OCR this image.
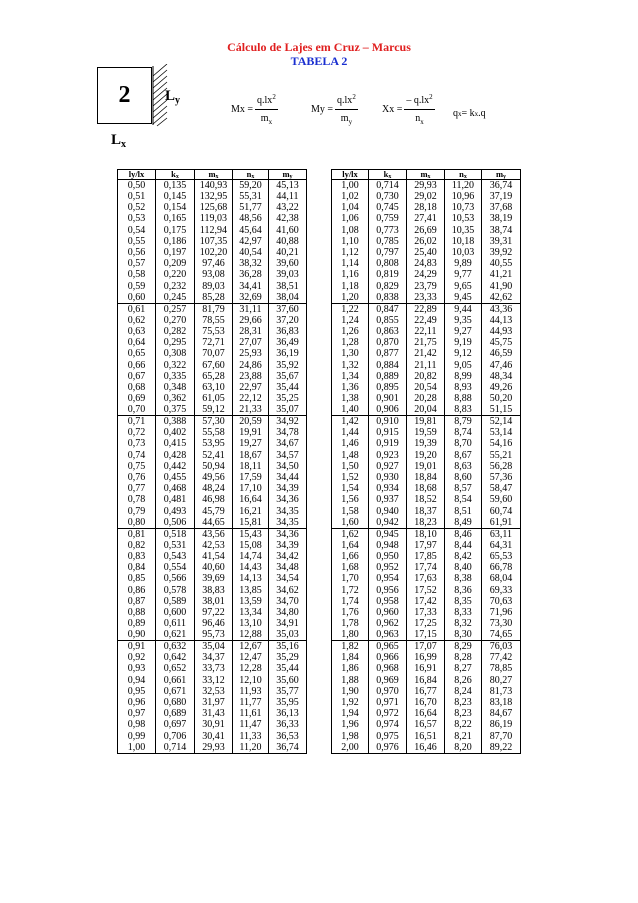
Cálculo de Lajes em Cruz – Marcus
TABELA 2
2 $L_y$
$L_x$
$Mx = \frac{q.lx^2}{m_x}$	$My = \frac{q.lx^2}{m_y}$ $Xx = \frac{- q.lx^2}{n_x}$ q x = k x .q
ly/lx	$k_x$	$m_x$	$n_x$	$m_y$
0,50	0,135	140,93	59,20	45,13
0,51	0,145	132,95	55,31	44,11
0,52	0,154	125,68	51,77	43,22
0,53	0,165	119,03	48,56	42,38
0,54	0,175	112,94	45,64	41,60
0,55	0,186	107,35	42,97	40,88
0,56	0,197	102,20	40,54	40,21
0,57	0,209	97,46	38,32	39,60
0,58	0,220	93,08	36,28	39,03
0,59	0,232	89,03	34,41	38,51
0,60	0,245	85,28	32,69	38,04
0,61	0,257	81,79	31,11	37,60
0,62	0,270	78,55	29,66	37,20
0,63	0,282	75,53	28,31	36,83
0,64	0,295	72,71	27,07	36,49
0,65	0,308	70,07	25,93	36,19
0,66	0,322	67,60	24,86	35,92
0,67	0,335	65,28	23,88	35,67
0,68	0,348	63,10	22,97	35,44
0,69	0,362	61,05	22,12	35,25
0,70	0,375	59,12	21,33	35,07
0,71	0,388	57,30	20,59	34,92
0,72	0,402	55,58	19,91	34,78
0,73	0,415	53,95	19,27	34,67
0,74	0,428	52,41	18,67	34,57
0,75	0,442	50,94	18,11	34,50
0,76	0,455	49,56	17,59	34,44
0,77	0,468	48,24	17,10	34,39
0,78	0,481	46,98	16,64	34,36
0,79	0,493	45,79	16,21	34,35
0,80	0,506	44,65	15,81	34,35
0,81	0,518	43,56	15,43	34,36
0,82	0,531	42,53	15,08	34,39
0,83	0,543	41,54	14,74	34,42
0,84	0,554	40,60	14,43	34,48
0,85	0,566	39,69	14,13	34,54
0,86	0,578	38,83	13,85	34,62
0,87	0,589	38,01	13,59	34,70
0,88	0,600	97,22	13,34	34,80
0,89	0,611	96,46	13,10	34,91
0,90	0,621	95,73	12,88	35,03
0,91	0,632	35,04	12,67	35,16
0,92	0,642	34,37	12,47	35,29
0,93	0,652	33,73	12,28	35,44
0,94	0,661	33,12	12,10	35,60
0,95	0,671	32,53	11,93	35,77
0,96	0,680	31,97	11,77	35,95
0,97	0,689	31,43	11,61	36,13
0,98	0,697	30,91	11,47	36,33
0,99	0,706	30,41	11,33	36,53
1,00	0,714	29,93	11,20	36,74
ly/lx	$k_x$	$m_x$	$n_x$	$m_y$
1,00	0,714	29,93	11,20	36,74
1,02	0,730	29,02	10,96	37,19
1,04	0,745	28,18	10,73	37,68
1,06	0,759	27,41	10,53	38,19
1,08	0,773	26,69	10,35	38,74
1,10	0,785	26,02	10,18	39,31
1,12	0,797	25,40	10,03	39,92
1,14	0,808	24,83	9,89	40,55
1,16	0,819	24,29	9,77	41,21
1,18	0,829	23,79	9,65	41,90
1,20	0,838	23,33	9,45	42,62
1,22	0,847	22,89	9,44	43,36
1,24	0,855	22,49	9,35	44,13
1,26	0,863	22,11	9,27	44,93
1,28	0,870	21,75	9,19	45,75
1,30	0,877	21,42	9,12	46,59
1,32	0,884	21,11	9,05	47,46
1,34	0,889	20,82	8,99	48,34
1,36	0,895	20,54	8,93	49,26
1,38	0,901	20,28	8,88	50,20
1,40	0,906	20,04	8,83	51,15
1,42	0,910	19,81	8,79	52,14
1,44	0,915	19,59	8,74	53,14
1,46	0,919	19,39	8,70	54,16
1,48	0,923	19,20	8,67	55,21
1,50	0,927	19,01	8,63	56,28
1,52	0,930	18,84	8,60	57,36
1,54	0,934	18,68	8,57	58,47
1,56	0,937	18,52	8,54	59,60
1,58	0,940	18,37	8,51	60,74
1,60	0,942	18,23	8,49	61,91
1,62	0,945	18,10	8,46	63,11
1,64	0,948	17,97	8,44	64,31
1,66	0,950	17,85	8,42	65,53
1,68	0,952	17,74	8,40	66,78
1,70	0,954	17,63	8,38	68,04
1,72	0,956	17,52	8,36	69,33
1,74	0,958	17,42	8,35	70,63
1,76	0,960	17,33	8,33	71,96
1,78	0,962	17,25	8,32	73,30
1,80	0,963	17,15	8,30	74,65
1,82	0,965	17,07	8,29	76,03
1,84	0,966	16,99	8,28	77,42
1,86	0,968	16,91	8,27	78,85
1,88	0,969	16,84	8,26	80,27
1,90	0,970	16,77	8,24	81,73
1,92	0,971	16,70	8,23	83,18
1,94	0,972	16,64	8,23	84,67
1,96	0,974	16,57	8,22	86,19
1,98	0,975	16,51	8,21	87,70
2,00	0,976	16,46	8,20	89,22
